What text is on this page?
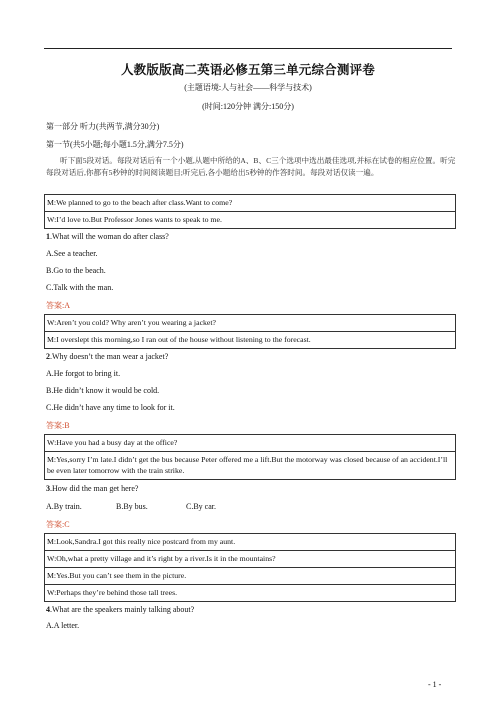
人教版版高二英语必修五第三单元综合测评卷
(主题语境:人与社会——科学与技术)
(时间:120分钟 满分:150分)
第一部分 听力(共两节,满分30分)
第一节(共5小题;每小题1.5分,满分7.5分)
听下面5段对话。每段对话后有一个小题,从题中所给的A、B、C三个选项中选出最佳选项,并标在试卷的相应位置。听完每段对话后,你都有5秒钟的时间阅读题目;听完后,各小题给出5秒钟的作答时间。每段对话仅读一遍。
M:We planned to go to the beach after class.Want to come?
W:I’d love to.But Professor Jones wants to speak to me.
1.What will the woman do after class?
A.See a teacher.
B.Go to the beach.
C.Talk with the man.
答案:A
W:Aren’t you cold? Why aren’t you wearing a jacket?
M:I overslept this morning,so I ran out of the house without listening to the forecast.
2.Why doesn’t the man wear a jacket?
A.He forgot to bring it.
B.He didn’t know it would be cold.
C.He didn’t have any time to look for it.
答案:B
W:Have you had a busy day at the office?
M:Yes,sorry I’m late.I didn’t get the bus because Peter offered me a lift.But the motorway was closed because of an accident.I’ll be even later tomorrow with the train strike.
3.How did the man get here?
A.By train.	B.By bus.	C.By car.
答案:C
M:Look,Sandra.I got this really nice postcard from my aunt.
W:Oh,what a pretty village and it’s right by a river.Is it in the mountains?
M:Yes.But you can’t see them in the picture.
W:Perhaps they’re behind those tall trees.
4.What are the speakers mainly talking about?
A.A letter.
- 1 -
